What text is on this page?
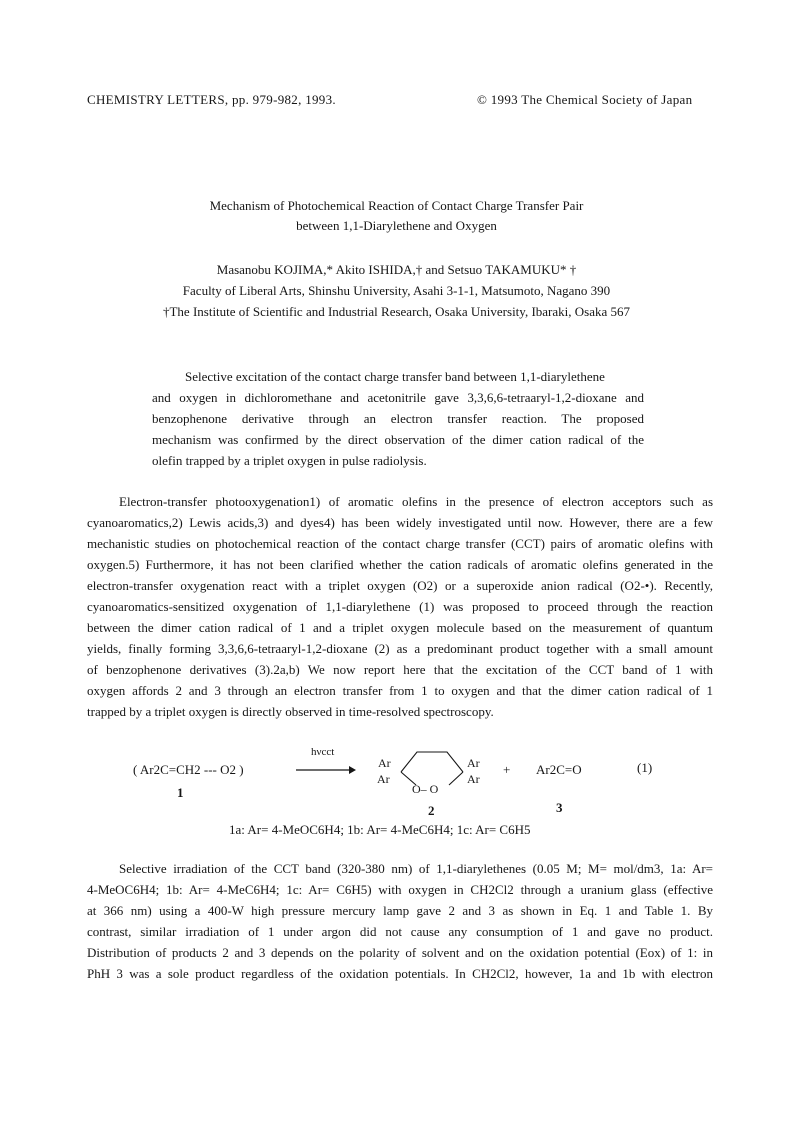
CHEMISTRY LETTERS, pp. 979-982, 1993.	© 1993 The Chemical Society of Japan
Mechanism of Photochemical Reaction of Contact Charge Transfer Pair
between 1,1-Diarylethene and Oxygen
Masanobu KOJIMA,* Akito ISHIDA,† and Setsuo TAKAMUKU* †
Faculty of Liberal Arts, Shinshu University, Asahi 3-1-1, Matsumoto, Nagano 390
†The Institute of Scientific and Industrial Research, Osaka University, Ibaraki, Osaka 567
Selective excitation of the contact charge transfer band between 1,1-diarylethene
and oxygen in dichloromethane and acetonitrile gave 3,3,6,6-tetraaryl-1,2-dioxane and
benzophenone derivative through an electron transfer reaction. The proposed
mechanism was confirmed by the direct observation of the dimer cation radical of the
olefin trapped by a triplet oxygen in pulse radiolysis.
Electron-transfer photooxygenation1) of aromatic olefins in the presence of electron acceptors such as
cyanoaromatics,2) Lewis acids,3) and dyes4) has been widely investigated until now. However, there are a few
mechanistic studies on photochemical reaction of the contact charge transfer (CCT) pairs of aromatic olefins with
oxygen.5) Furthermore, it has not been clarified whether the cation radicals of aromatic olefins generated in the
electron-transfer oxygenation react with a triplet oxygen (O2) or a superoxide anion radical (O2-•). Recently,
cyanoaromatics-sensitized oxygenation of 1,1-diarylethene (1) was proposed to proceed through the reaction
between the dimer cation radical of 1 and a triplet oxygen molecule based on the measurement of quantum
yields, finally forming 3,3,6,6-tetraaryl-1,2-dioxane (2) as a predominant product together with a small amount
of benzophenone derivatives (3).2a,b) We now report here that the excitation of the CCT band of 1 with
oxygen affords 2 and 3 through an electron transfer from 1 to oxygen and that the dimer cation radical of 1
trapped by a triplet oxygen is directly observed in time-resolved spectroscopy.
( Ar2C=CH2 --- O2 )
1
hνcct
Ar
Ar
Ar
Ar
O– O
2
+ Ar2C=O
3
(1)
1a: Ar= 4-MeOC6H4; 1b: Ar= 4-MeC6H4; 1c: Ar= C6H5
Selective irradiation of the CCT band (320-380 nm) of 1,1-diarylethenes (0.05 M; M= mol/dm3, 1a: Ar=
4-MeOC6H4; 1b: Ar= 4-MeC6H4; 1c: Ar= C6H5) with oxygen in CH2Cl2 through a uranium glass (effective
at 366 nm) using a 400-W high pressure mercury lamp gave 2 and 3 as shown in Eq. 1 and Table 1. By
contrast, similar irradiation of 1 under argon did not cause any consumption of 1 and gave no product.
Distribution of products 2 and 3 depends on the polarity of solvent and on the oxidation potential (Eox) of 1: in
PhH 3 was a sole product regardless of the oxidation potentials. In CH2Cl2, however, 1a and 1b with electron
